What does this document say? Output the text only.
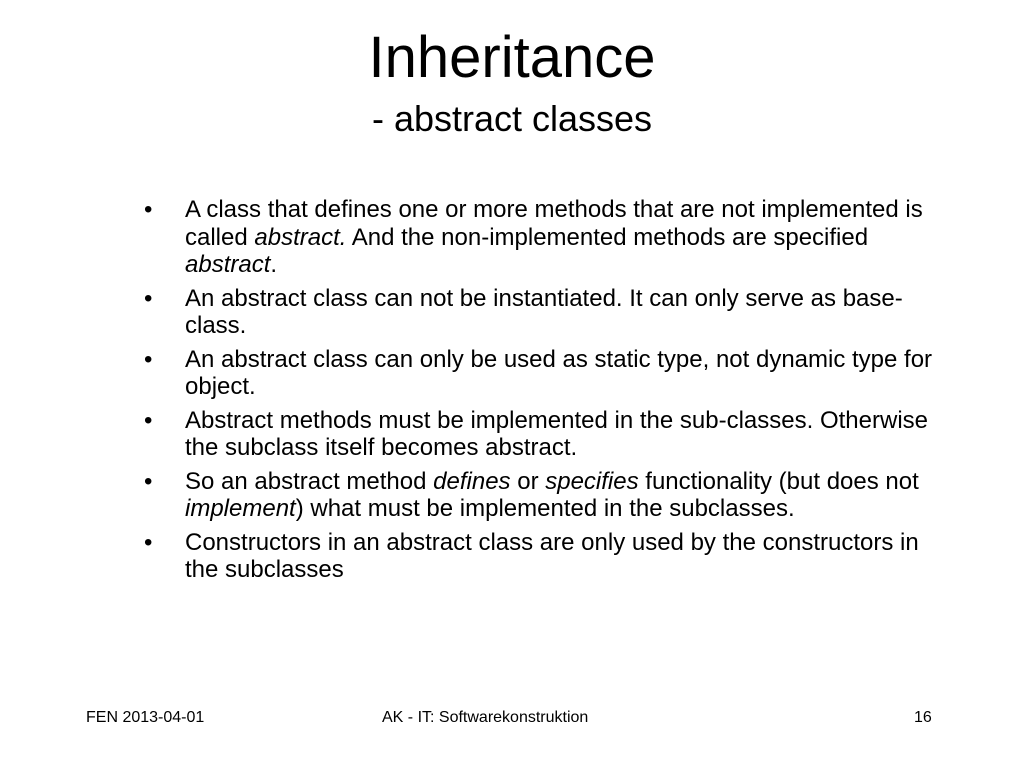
Inheritance
- abstract classes
•	A class that defines one or more methods that are not implemented is called abstract. And the non-implemented methods are specified abstract.
•	An abstract class can not be instantiated. It can only serve as base-class.
•	An abstract class can only be used as static type, not dynamic type for object.
•	Abstract methods must be implemented in the sub-classes. Otherwise the subclass itself becomes abstract.
•	So an abstract method defines or specifies functionality (but does not implement) what must be implemented in the subclasses.
•	Constructors in an abstract class are only used by the constructors in the subclasses
FEN 2013-04-01	AK - IT: Softwarekonstruktion	16
